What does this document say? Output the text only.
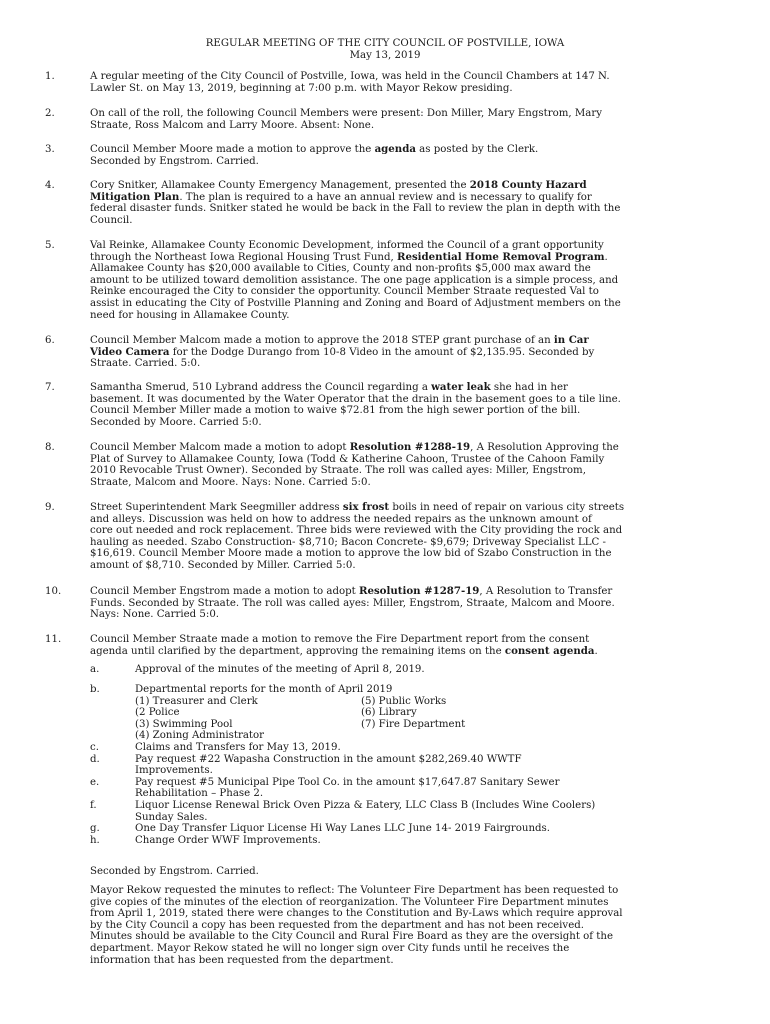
REGULAR MEETING OF THE CITY COUNCIL OF POSTVILLE, IOWA
May 13, 2019
1.	A regular meeting of the City Council of Postville, Iowa, was held in the Council Chambers at 147 N.
Lawler St. on May 13, 2019, beginning at 7:00 p.m. with Mayor Rekow presiding.
2.	On call of the roll, the following Council Members were present: Don Miller, Mary Engstrom, Mary
Straate, Ross Malcom and Larry Moore. Absent: None.
3.	Council Member Moore made a motion to approve the agenda as posted by the Clerk.
Seconded by Engstrom. Carried.
4.	Cory Snitker, Allamakee County Emergency Management, presented the 2018 County Hazard
Mitigation Plan. The plan is required to a have an annual review and is necessary to qualify for
federal disaster funds. Snitker stated he would be back in the Fall to review the plan in depth with the
Council.
5.	Val Reinke, Allamakee County Economic Development, informed the Council of a grant opportunity
through the Northeast Iowa Regional Housing Trust Fund, Residential Home Removal Program.
Allamakee County has $20,000 available to Cities, County and non-profits $5,000 max award the
amount to be utilized toward demolition assistance. The one page application is a simple process, and
Reinke encouraged the City to consider the opportunity. Council Member Straate requested Val to
assist in educating the City of Postville Planning and Zoning and Board of Adjustment members on the
need for housing in Allamakee County.
6.	Council Member Malcom made a motion to approve the 2018 STEP grant purchase of an in Car
Video Camera for the Dodge Durango from 10-8 Video in the amount of $2,135.95. Seconded by
Straate. Carried. 5:0.
7.	Samantha Smerud, 510 Lybrand address the Council regarding a water leak she had in her
basement. It was documented by the Water Operator that the drain in the basement goes to a tile line.
Council Member Miller made a motion to waive $72.81 from the high sewer portion of the bill.
Seconded by Moore. Carried 5:0.
8.	Council Member Malcom made a motion to adopt Resolution #1288-19, A Resolution Approving the
Plat of Survey to Allamakee County, Iowa (Todd & Katherine Cahoon, Trustee of the Cahoon Family
2010 Revocable Trust Owner). Seconded by Straate. The roll was called ayes: Miller, Engstrom,
Straate, Malcom and Moore. Nays: None. Carried 5:0.
9.	Street Superintendent Mark Seegmiller address six frost boils in need of repair on various city streets
and alleys. Discussion was held on how to address the needed repairs as the unknown amount of
core out needed and rock replacement. Three bids were reviewed with the City providing the rock and
hauling as needed. Szabo Construction- $8,710; Bacon Concrete- $9,679; Driveway Specialist LLC -
$16,619. Council Member Moore made a motion to approve the low bid of Szabo Construction in the
amount of $8,710. Seconded by Miller. Carried 5:0.
10.	Council Member Engstrom made a motion to adopt Resolution #1287-19, A Resolution to Transfer
Funds. Seconded by Straate. The roll was called ayes: Miller, Engstrom, Straate, Malcom and Moore.
Nays: None. Carried 5:0.
11.	Council Member Straate made a motion to remove the Fire Department report from the consent
agenda until clarified by the department, approving the remaining items on the consent agenda.
a.	Approval of the minutes of the meeting of April 8, 2019.
b.	Departmental reports for the month of April 2019
(1) Treasurer and Clerk	(5) Public Works
(2 Police	(6) Library
(3) Swimming Pool	(7) Fire Department
(4) Zoning Administrator
c.	Claims and Transfers for May 13, 2019.
d.	Pay request #22 Wapasha Construction in the amount $282,269.40 WWTF
Improvements.
e.	Pay request #5 Municipal Pipe Tool Co. in the amount $17,647.87 Sanitary Sewer
Rehabilitation – Phase 2.
f.	Liquor License Renewal Brick Oven Pizza & Eatery, LLC Class B (Includes Wine Coolers)
Sunday Sales.
g.	One Day Transfer Liquor License Hi Way Lanes LLC June 14- 2019 Fairgrounds.
h.	Change Order WWF Improvements.
Seconded by Engstrom. Carried.
Mayor Rekow requested the minutes to reflect: The Volunteer Fire Department has been requested to
give copies of the minutes of the election of reorganization. The Volunteer Fire Department minutes
from April 1, 2019, stated there were changes to the Constitution and By-Laws which require approval
by the City Council a copy has been requested from the department and has not been received.
Minutes should be available to the City Council and Rural Fire Board as they are the oversight of the
department. Mayor Rekow stated he will no longer sign over City funds until he receives the
information that has been requested from the department.
